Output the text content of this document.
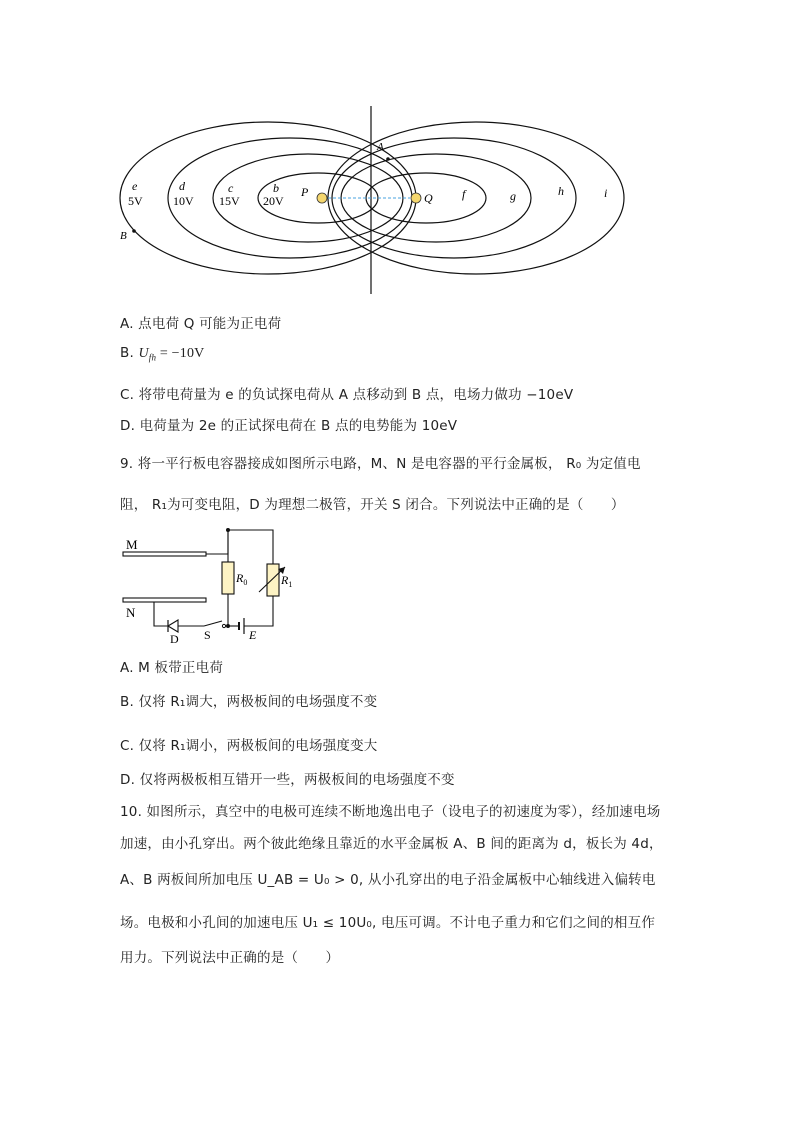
e
5V
d
10V
c
15V
b
20V
P	Q
A
B
f	g	h	i
A. 点电荷 Q 可能为正电荷
B. $U_{fh} = -10V$
C. 将带电荷量为 e 的负试探电荷从 A 点移动到 B 点，电场力做功 −10eV
D. 电荷量为 2e 的正试探电荷在 B 点的电势能为 10eV
9. 将一平行板电容器接成如图所示电路，M、N 是电容器的平行金属板， R₀ 为定值电
阻， R₁为可变电阻，D 为理想二极管，开关 S 闭合。下列说法中正确的是（　　）
M
N
$R_0$	$R_1$
D S	E
A. M 板带正电荷
B. 仅将 R₁调大，两极板间的电场强度不变
C. 仅将 R₁调小，两极板间的电场强度变大
D. 仅将两极板相互错开一些，两极板间的电场强度不变
10. 如图所示，真空中的电极可连续不断地逸出电子（设电子的初速度为零），经加速电场
加速，由小孔穿出。两个彼此绝缘且靠近的水平金属板 A、B 间的距离为 d，板长为 4d，
A、B 两板间所加电压 U_AB = U₀ > 0, 从小孔穿出的电子沿金属板中心轴线进入偏转电
场。电极和小孔间的加速电压 U₁ ≤ 10U₀, 电压可调。不计电子重力和它们之间的相互作
用力。下列说法中正确的是（　　）
